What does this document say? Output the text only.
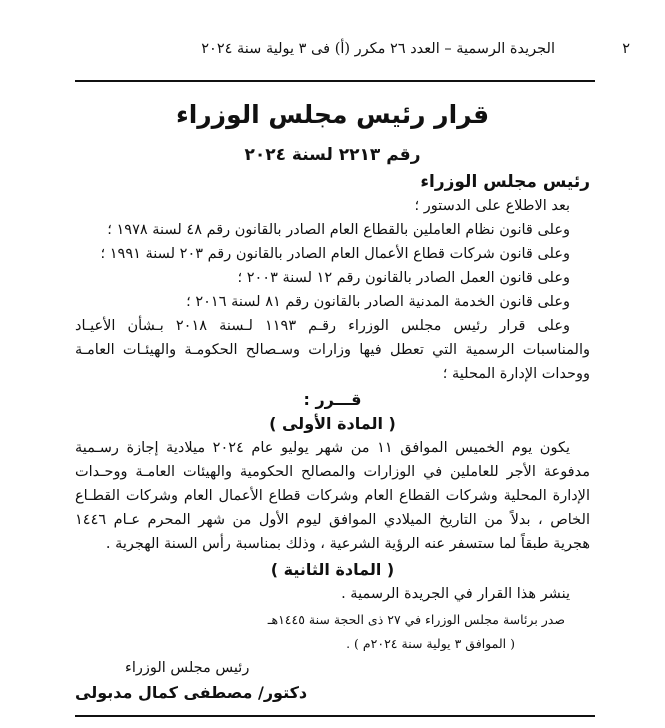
٢
الجريدة الرسمية – العدد ٢٦ مكرر (أ) فى ٣ يولية سنة ٢٠٢٤
قرار رئيس مجلس الوزراء
رقم ٢٢١٣ لسنة ٢٠٢٤
رئيس مجلس الوزراء
بعد الاطلاع على الدستور ؛
وعلى قانون نظام العاملين بالقطاع العام الصادر بالقانون رقم ٤٨ لسنة ١٩٧٨ ؛
وعلى قانون شركات قطاع الأعمال العام الصادر بالقانون رقم ٢٠٣ لسنة ١٩٩١ ؛
وعلى قانون العمل الصادر بالقانون رقم ١٢ لسنة ٢٠٠٣ ؛
وعلى قانون الخدمة المدنية الصادر بالقانون رقم ٨١ لسنة ٢٠١٦ ؛
وعلى قرار رئيس مجلس الوزراء رقـم ١١٩٣ لـسنة ٢٠١٨ بـشأن الأعيـاد
والمناسبات الرسمية التي تعطل فيها وزارات وسـصالح الحكومـة والهيئـات العامـة
ووحدات الإدارة المحلية ؛
قـــرر :
( المادة الأولى )
يكون يوم الخميس الموافق ١١ من شهر يوليو عام ٢٠٢٤ ميلادية إجازة رسـمية
مدفوعة الأجر للعاملين في الوزارات والمصالح الحكومية والهيئات العامـة ووحـدات
الإدارة المحلية وشركات القطاع العام وشركات قطاع الأعمال العام وشركات القطـاع
الخاص ، بدلاً من التاريخ الميلادي الموافق ليوم الأول من شهر المحرم عـام ١٤٤٦
هجرية طبقاً لما ستسفر عنه الرؤية الشرعية ، وذلك بمناسبة رأس السنة الهجرية .
( المادة الثانية )
ينشر هذا القرار في الجريدة الرسمية .
صدر برئاسة مجلس الوزراء في ٢٧ ذى الحجة سنة ١٤٤٥هـ
( الموافق ٣ يولية سنة ٢٠٢٤م ) .
رئيس مجلس الوزراء
دكتور/ مصطفى كمال مدبولى
